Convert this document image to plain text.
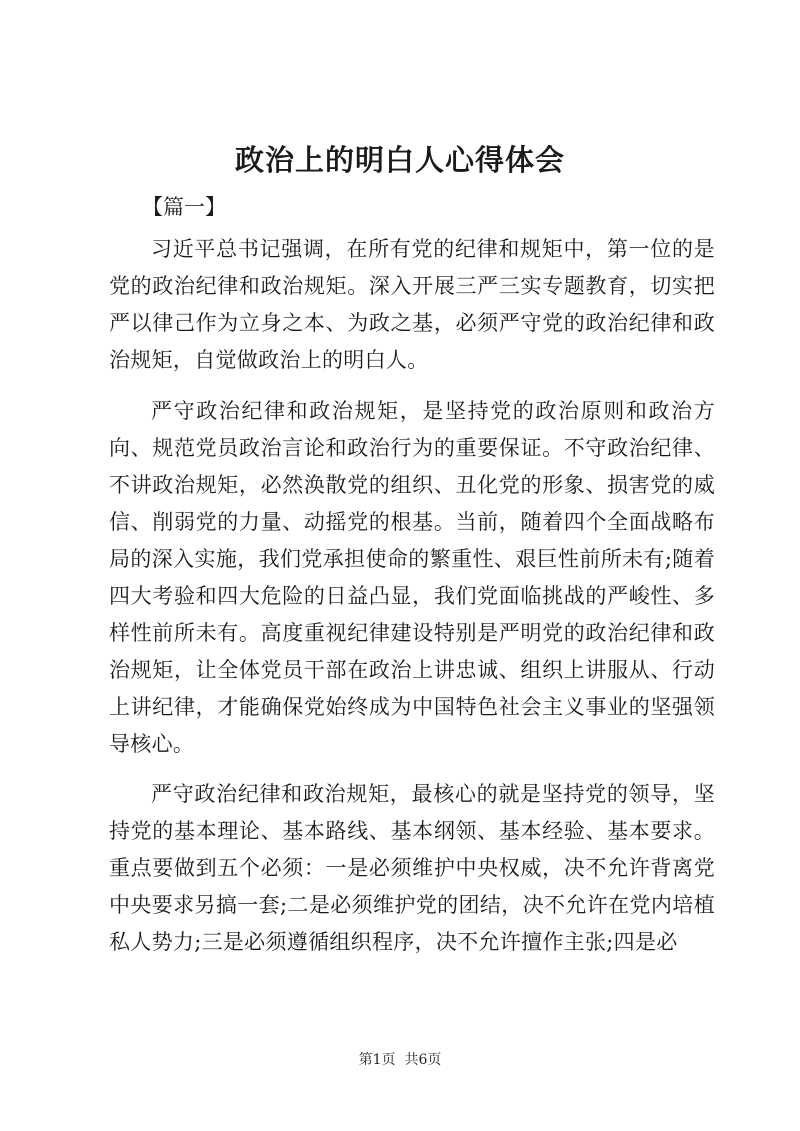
政治上的明白人心得体会
【篇一】

习近平总书记强调，在所有党的纪律和规矩中，第一位的是党的政治纪律和政治规矩。深入开展三严三实专题教育，切实把严以律己作为立身之本、为政之基，必须严守党的政治纪律和政治规矩，自觉做政治上的明白人。

严守政治纪律和政治规矩，是坚持党的政治原则和政治方向、规范党员政治言论和政治行为的重要保证。不守政治纪律、不讲政治规矩，必然涣散党的组织、丑化党的形象、损害党的威信、削弱党的力量、动摇党的根基。当前，随着四个全面战略布局的深入实施，我们党承担使命的繁重性、艰巨性前所未有;随着四大考验和四大危险的日益凸显，我们党面临挑战的严峻性、多样性前所未有。高度重视纪律建设特别是严明党的政治纪律和政治规矩，让全体党员干部在政治上讲忠诚、组织上讲服从、行动上讲纪律，才能确保党始终成为中国特色社会主义事业的坚强领导核心。

严守政治纪律和政治规矩，最核心的就是坚持党的领导，坚持党的基本理论、基本路线、基本纲领、基本经验、基本要求。重点要做到五个必须：一是必须维护中央权威，决不允许背离党中央要求另搞一套;二是必须维护党的团结，决不允许在党内培植私人势力;三是必须遵循组织程序，决不允许擅作主张;四是必

第1页 共6页
